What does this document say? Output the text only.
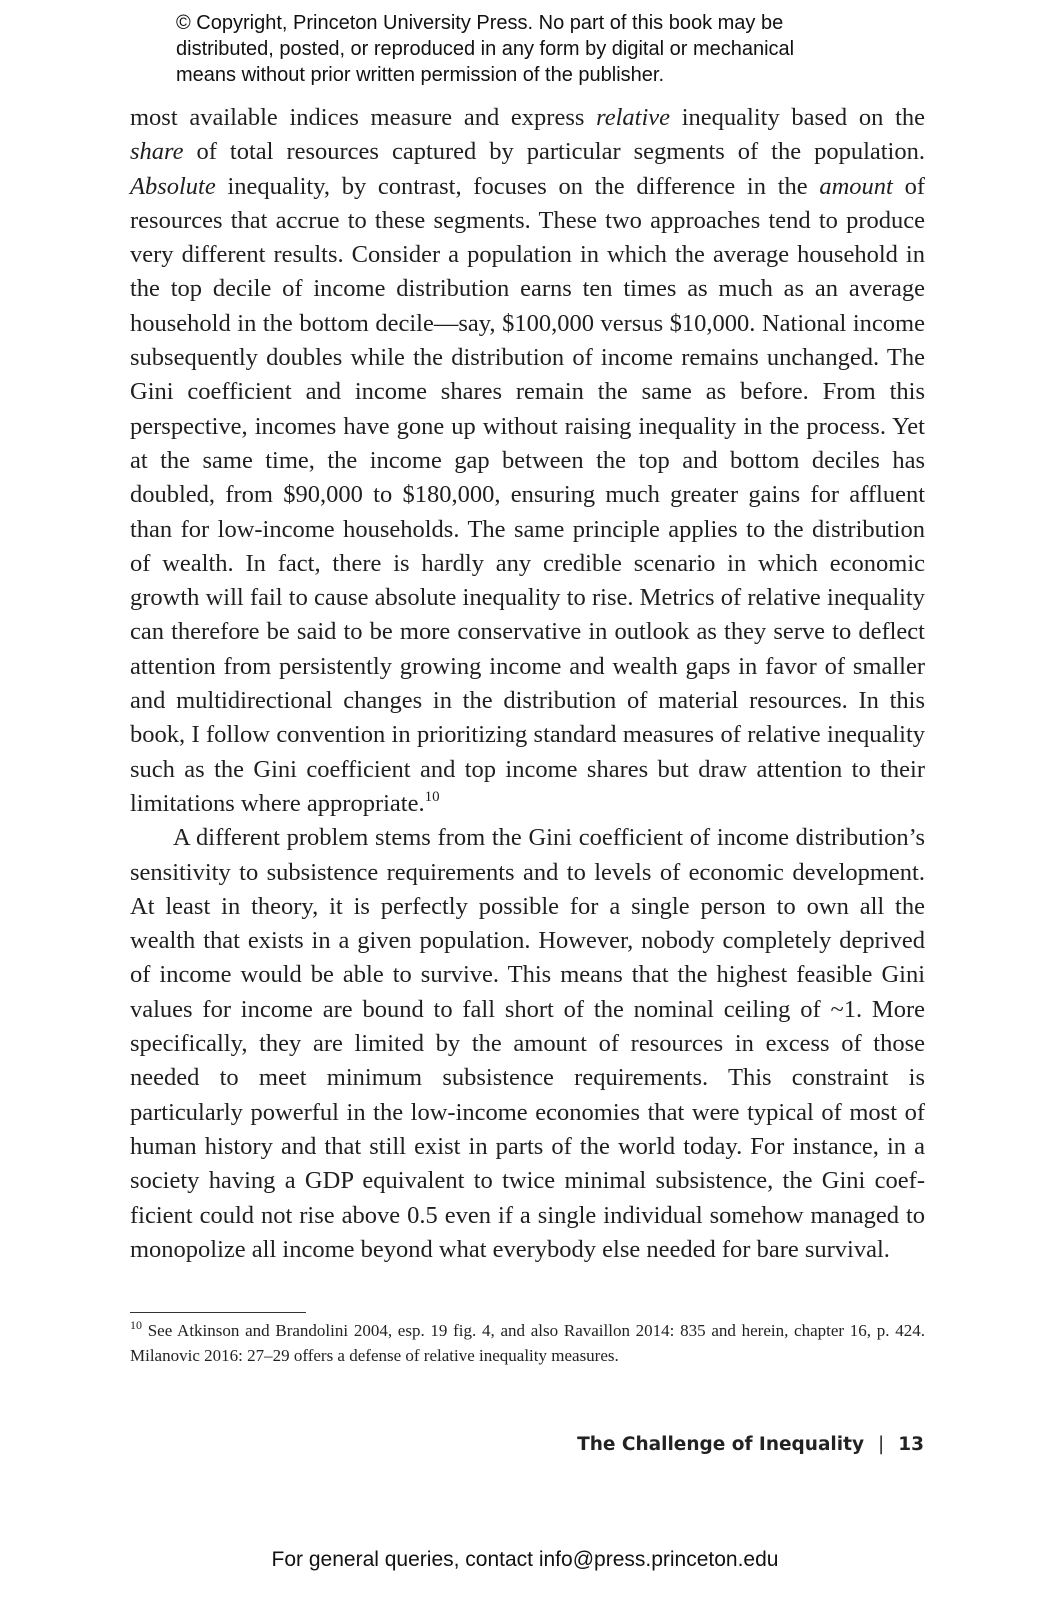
© Copyright, Princeton University Press. No part of this book may be
distributed, posted, or reproduced in any form by digital or mechanical
means without prior written permission of the publisher.

most available indices measure and express relative inequality based on the share of total resources captured by particular segments of the population. Absolute inequality, by contrast, focuses on the difference in the amount of resources that accrue to these segments. These two approaches tend to produce very different results. Consider a population in which the average household in the top decile of income distribution earns ten times as much as an average household in the bottom decile—say, $100,000 versus $10,000. National income subsequently doubles while the distribution of income remains unchanged. The Gini coefficient and income shares remain the same as before. From this perspective, incomes have gone up without raising inequality in the process. Yet at the same time, the income gap between the top and bottom deciles has doubled, from $90,000 to $180,000, ensuring much greater gains for affluent than for low-income households. The same principle applies to the distribution of wealth. In fact, there is hardly any credible scenario in which economic growth will fail to cause absolute inequality to rise. Metrics of relative inequality can therefore be said to be more conservative in outlook as they serve to deflect attention from persistently growing income and wealth gaps in favor of smaller and multidirectional changes in the distribution of material resources. In this book, I follow convention in prioritizing standard measures of relative inequality such as the Gini coefficient and top income shares but draw attention to their limitations where appropriate.$^{10}$

A different problem stems from the Gini coefficient of income distribution’s sensitivity to subsistence requirements and to levels of economic development. At least in theory, it is perfectly possible for a single person to own all the wealth that exists in a given population. However, nobody completely deprived of income would be able to survive. This means that the highest feasible Gini values for income are bound to fall short of the nominal ceiling of ~1. More specifically, they are limited by the amount of resources in excess of those needed to meet minimum subsistence requirements. This constraint is particularly powerful in the low-income economies that were typical of most of human history and that still exist in parts of the world today. For instance, in a society having a GDP equivalent to twice minimal subsistence, the Gini coefficient could not rise above 0.5 even if a single individual somehow managed to monopolize all income beyond what everybody else needed for bare survival.

$^{10}$ See Atkinson and Brandolini 2004, esp. 19 fig. 4, and also Ravaillon 2014: 835 and herein, chapter 16, p. 424. Milanovic 2016: 27–29 offers a defense of relative inequality measures.
The Challenge of Inequality | 13
For general queries, contact info@press.princeton.edu
